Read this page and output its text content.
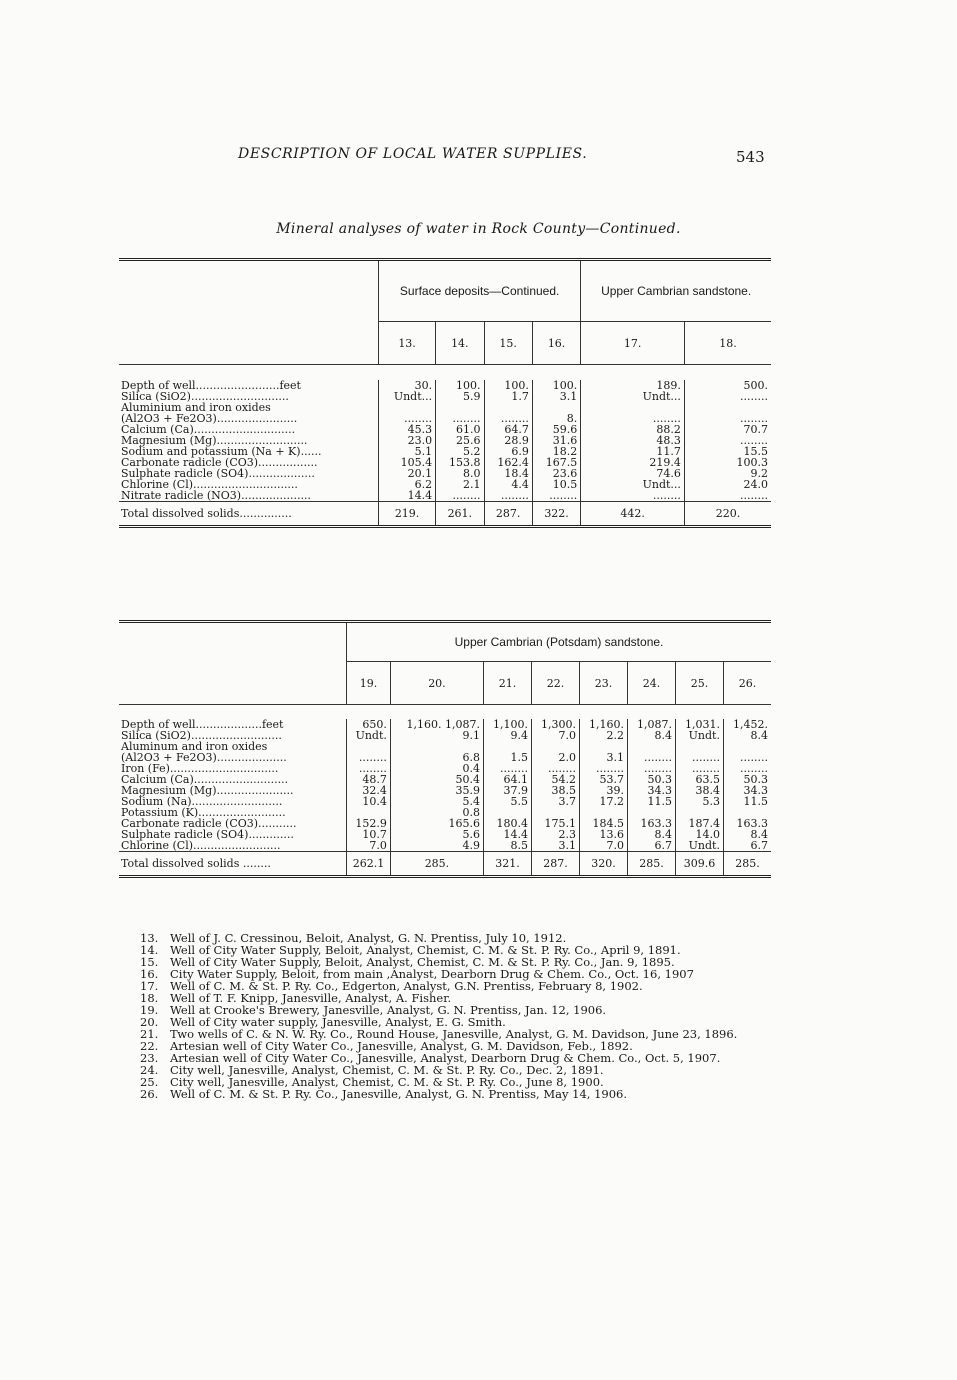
DESCRIPTION OF LOCAL WATER SUPPLIES.	543
Mineral analyses of water in Rock County—Continued.
	Surface deposits—Continued.				Upper Cambrian sandstone.	
	13.	14.	15.	16.	17.	18.

Depth of well........................feet	30.	100.	100.	100.	189.	500.
Silica (SiO2)............................	Undt...	5.9	1.7	3.1	Undt...	........
Aluminium and iron oxides						
(Al2O3 + Fe2O3).......................	........	........	........	8.	........	........
Calcium (Ca).............................	45.3	61.0	64.7	59.6	88.2	70.7
Magnesium (Mg)..........................	23.0	25.6	28.9	31.6	48.3	........
Sodium and potassium (Na + K)......	5.1	5.2	6.9	18.2	11.7	15.5
Carbonate radicle (CO3).................	105.4	153.8	162.4	167.5	219.4	100.3
Sulphate radicle (SO4)...................	20.1	8.0	18.4	23.6	74.6	9.2
Chlorine (Cl)..............................	6.2	2.1	4.4	10.5	Undt...	24.0
Nitrate radicle (NO3)....................	14.4	........	........	........	........	........
Total dissolved solids...............	219.	261.	287.	322.	442.	220.
	Upper Cambrian (Potsdam) sandstone.							
	19.	20.	21.	22.	23.	24.	25.	26.

Depth of well...................feet	650.	1,160. 1,087.	1,100.	1,300.	1,160.	1,087.	1,031.	1,452.
Silica (SiO2)..........................	Undt.	9.1	9.4	7.0	2.2	8.4	Undt.	8.4
Aluminum and iron oxides								
(Al2O3 + Fe2O3)....................	........	6.8	1.5	2.0	3.1	........	........	........
Iron (Fe)...............................	........	0.4	........	........	........	........	........	........
Calcium (Ca)...........................	48.7	50.4	64.1	54.2	53.7	50.3	63.5	50.3
Magnesium (Mg)......................	32.4	35.9	37.9	38.5	39.	34.3	38.4	34.3
Sodium (Na)..........................	10.4	5.4	5.5	3.7	17.2	11.5	5.3	11.5
Potassium (K).........................		0.8						
Carbonate radicle (CO3)...........	152.9	165.6	180.4	175.1	184.5	163.3	187.4	163.3
Sulphate radicle (SO4).............	10.7	5.6	14.4	2.3	13.6	8.4	14.0	8.4
Chlorine (Cl).........................	7.0	4.9	8.5	3.1	7.0	6.7	Undt.	6.7
Total dissolved solids ........	262.1	285.	321.	287.	320.	285.	309.6	285.
13.	Well of J. C. Cressinou, Beloit, Analyst, G. N. Prentiss, July 10, 1912.
14.	Well of City Water Supply, Beloit, Analyst, Chemist, C. M. & St. P. Ry. Co., April 9, 1891.
15.	Well of City Water Supply, Beloit, Analyst, Chemist, C. M. & St. P. Ry. Co., Jan. 9, 1895.
16.	City Water Supply, Beloit, from main ,Analyst, Dearborn Drug & Chem. Co., Oct. 16, 1907
17.	Well of C. M. & St. P. Ry. Co., Edgerton, Analyst, G.N. Prentiss, February 8, 1902.
18.	Well of T. F. Knipp, Janesville, Analyst, A. Fisher.
19.	Well at Crooke's Brewery, Janesville, Analyst, G. N. Prentiss, Jan. 12, 1906.
20.	Well of City water supply, Janesville, Analyst, E. G. Smith.
21.	Two wells of C. & N. W. Ry. Co., Round House, Janesville, Analyst, G. M. Davidson, June 23, 1896.
22.	Artesian well of City Water Co., Janesville, Analyst, G. M. Davidson, Feb., 1892.
23.	Artesian well of City Water Co., Janesville, Analyst, Dearborn Drug & Chem. Co., Oct. 5, 1907.
24.	City well, Janesville, Analyst, Chemist, C. M. & St. P. Ry. Co., Dec. 2, 1891.
25.	City well, Janesville, Analyst, Chemist, C. M. & St. P. Ry. Co., June 8, 1900.
26.	Well of C. M. & St. P. Ry. Co., Janesville, Analyst, G. N. Prentiss, May 14, 1906.
